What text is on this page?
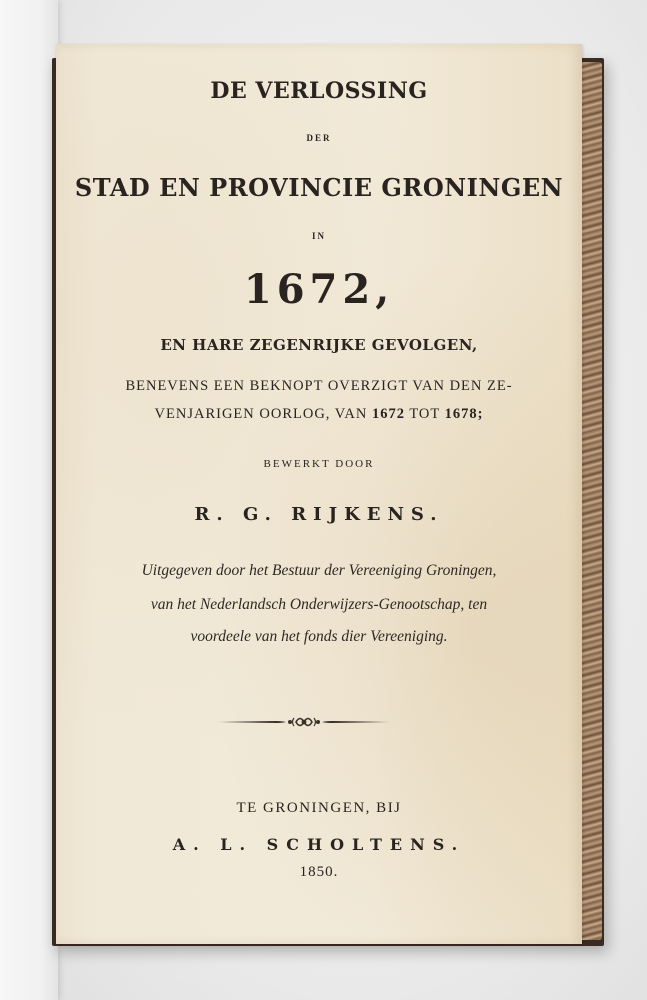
DE VERLOSSING
DER
STAD EN PROVINCIE GRONINGEN
IN
1672,
EN HARE ZEGENRIJKE GEVOLGEN,
BENEVENS EEN BEKNOPT OVERZIGT VAN DEN ZE-
VENJARIGEN OORLOG, VAN 1672 TOT 1678;
BEWERKT DOOR
R. G. RIJKENS.
Uitgegeven door het Bestuur der Vereeniging Groningen,
van het Nederlandsch Onderwijzers-Genootschap, ten
voordeele van het fonds dier Vereeniging.
TE GRONINGEN, BIJ
A. L. SCHOLTENS.
1850.
